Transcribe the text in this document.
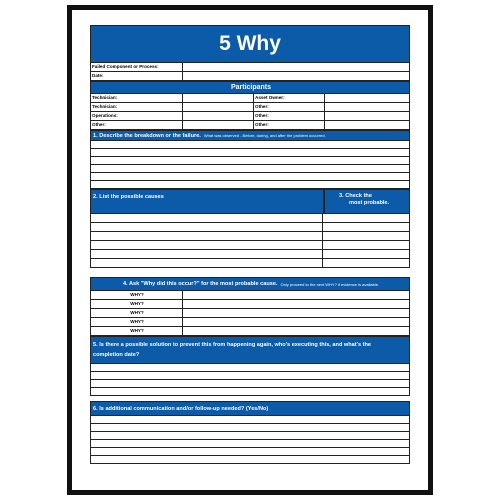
5 Why
Failed Component or Process:
Date:
Participants
Technician:	Asset Owner:
Technician:	Other:
Operations:	Other:
Other:	Other:
1. Describe the breakdown or the failure. What was observed - Before, during, and after the problem occurred.
2. List the possible causes	3. Check the
most probable.
4. Ask "Why did this occur?" for the most probable cause. Only proceed to the next WHY? if evidence is available.
WHY?
WHY?
WHY?
WHY?
WHY?
5. Is there a possible solution to prevent this from happening again, who's executing this, and what's the
completion date?
6. Is additional communication and/or follow-up needed? (Yes/No)
